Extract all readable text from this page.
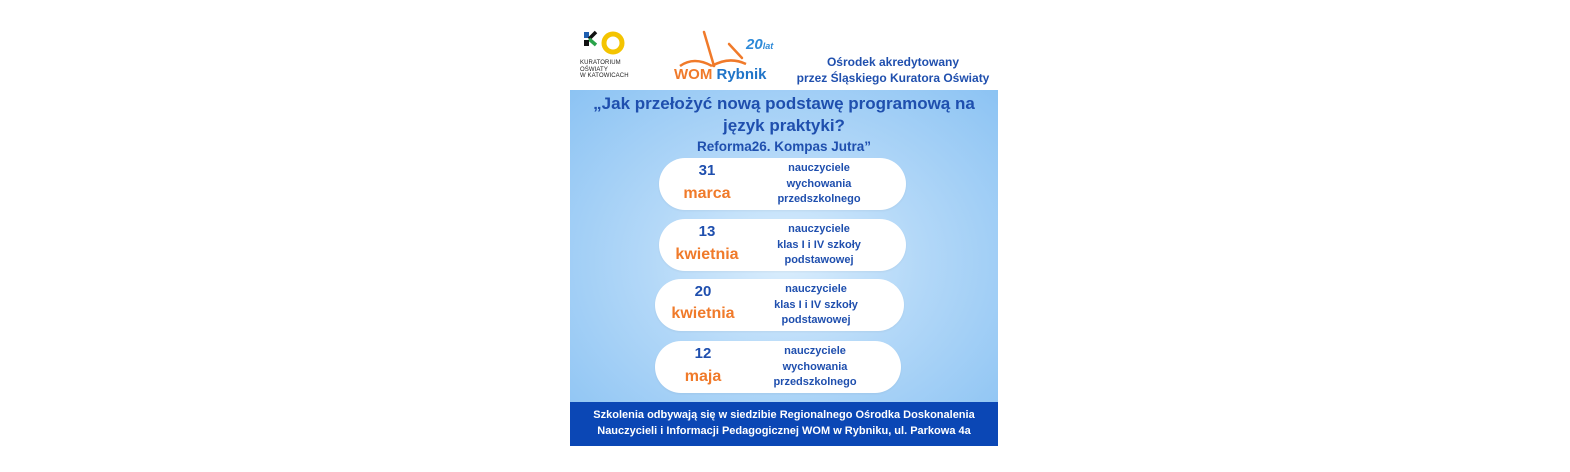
KURATORIUM
OŚWIATY
W KATOWICACH
20lat
WOM Rybnik
Ośrodek akredytowany
przez Śląskiego Kuratora Oświaty
„Jak przełożyć nową podstawę programową na
język praktyki?
Reforma26. Kompas Jutra”
31
marca
nauczyciele
wychowania
przedszkolnego
13
kwietnia
nauczyciele
klas I i IV szkoły
podstawowej
20
kwietnia
nauczyciele
klas I i IV szkoły
podstawowej
12
maja
nauczyciele
wychowania
przedszkolnego
Szkolenia odbywają się w siedzibie Regionalnego Ośrodka Doskonalenia
Nauczycieli i Informacji Pedagogicznej WOM w Rybniku, ul. Parkowa 4a
